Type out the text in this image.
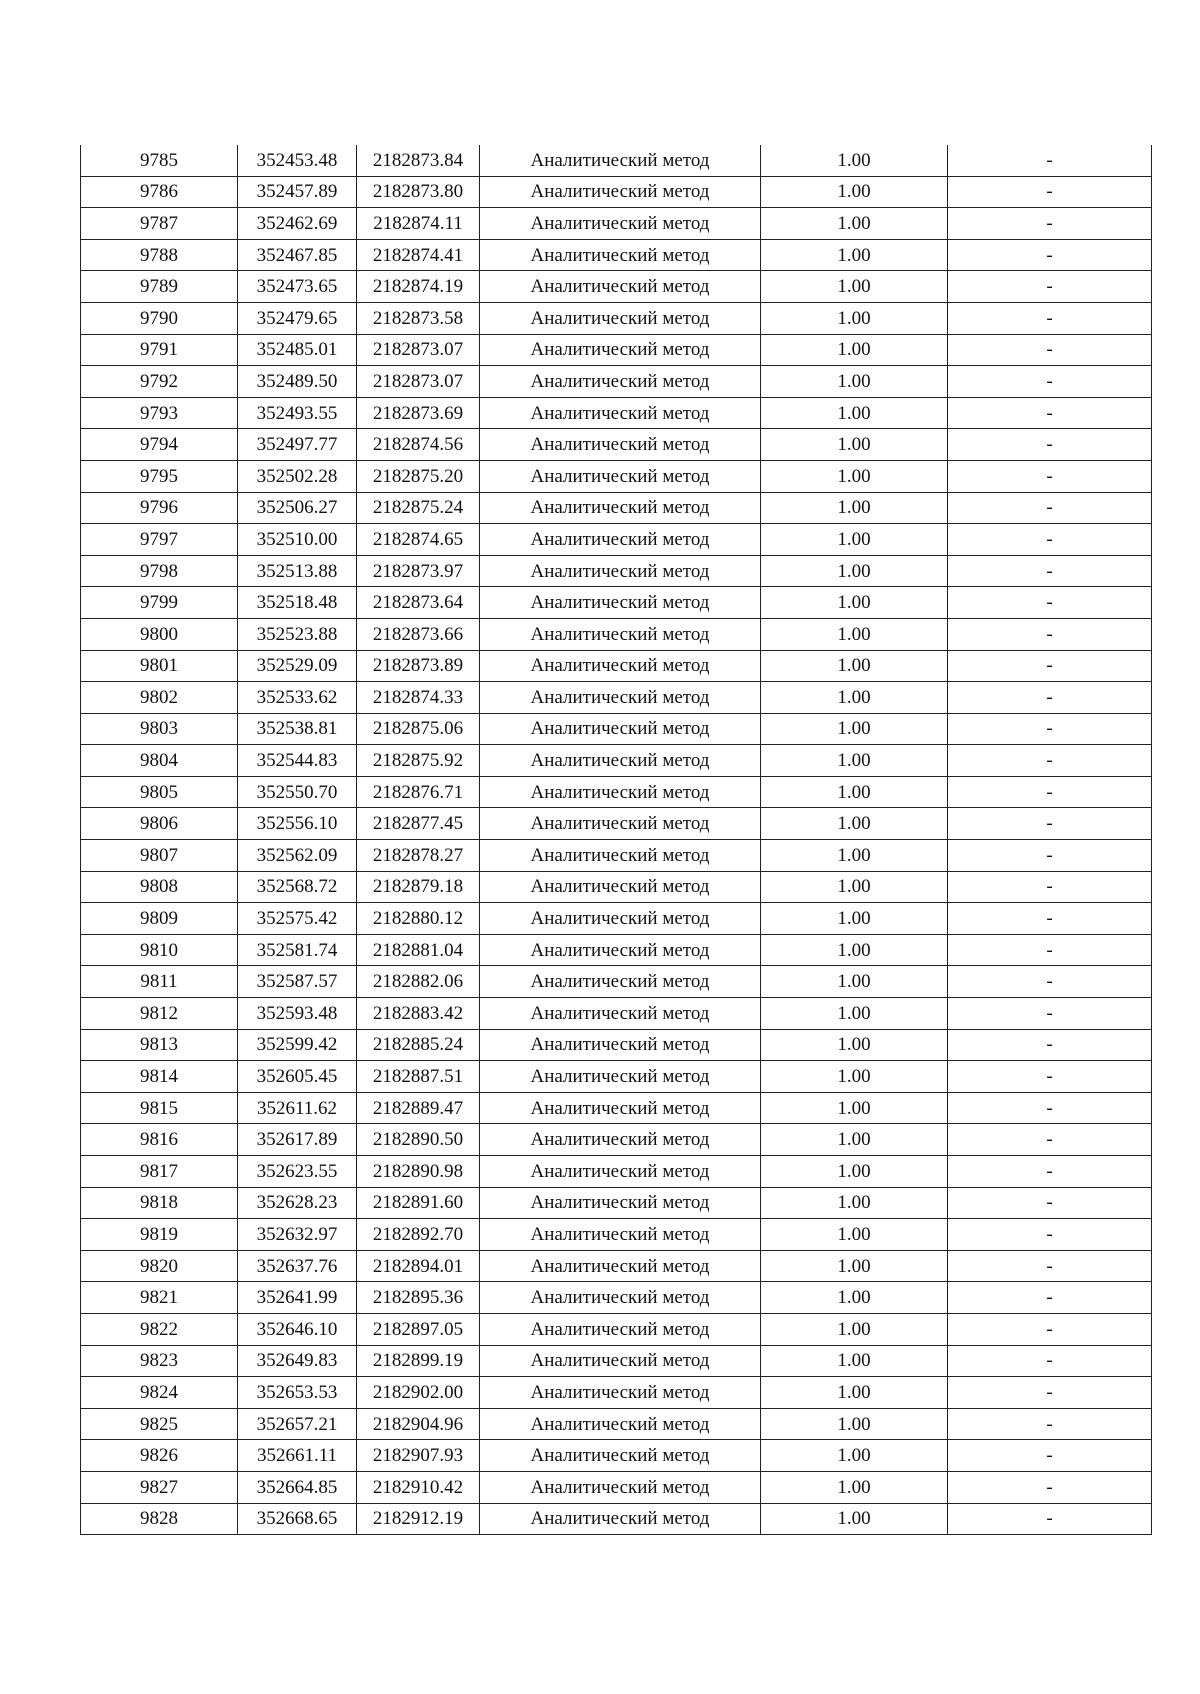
9785	352453.48	2182873.84	Аналитический метод	1.00	-
9786	352457.89	2182873.80	Аналитический метод	1.00	-
9787	352462.69	2182874.11	Аналитический метод	1.00	-
9788	352467.85	2182874.41	Аналитический метод	1.00	-
9789	352473.65	2182874.19	Аналитический метод	1.00	-
9790	352479.65	2182873.58	Аналитический метод	1.00	-
9791	352485.01	2182873.07	Аналитический метод	1.00	-
9792	352489.50	2182873.07	Аналитический метод	1.00	-
9793	352493.55	2182873.69	Аналитический метод	1.00	-
9794	352497.77	2182874.56	Аналитический метод	1.00	-
9795	352502.28	2182875.20	Аналитический метод	1.00	-
9796	352506.27	2182875.24	Аналитический метод	1.00	-
9797	352510.00	2182874.65	Аналитический метод	1.00	-
9798	352513.88	2182873.97	Аналитический метод	1.00	-
9799	352518.48	2182873.64	Аналитический метод	1.00	-
9800	352523.88	2182873.66	Аналитический метод	1.00	-
9801	352529.09	2182873.89	Аналитический метод	1.00	-
9802	352533.62	2182874.33	Аналитический метод	1.00	-
9803	352538.81	2182875.06	Аналитический метод	1.00	-
9804	352544.83	2182875.92	Аналитический метод	1.00	-
9805	352550.70	2182876.71	Аналитический метод	1.00	-
9806	352556.10	2182877.45	Аналитический метод	1.00	-
9807	352562.09	2182878.27	Аналитический метод	1.00	-
9808	352568.72	2182879.18	Аналитический метод	1.00	-
9809	352575.42	2182880.12	Аналитический метод	1.00	-
9810	352581.74	2182881.04	Аналитический метод	1.00	-
9811	352587.57	2182882.06	Аналитический метод	1.00	-
9812	352593.48	2182883.42	Аналитический метод	1.00	-
9813	352599.42	2182885.24	Аналитический метод	1.00	-
9814	352605.45	2182887.51	Аналитический метод	1.00	-
9815	352611.62	2182889.47	Аналитический метод	1.00	-
9816	352617.89	2182890.50	Аналитический метод	1.00	-
9817	352623.55	2182890.98	Аналитический метод	1.00	-
9818	352628.23	2182891.60	Аналитический метод	1.00	-
9819	352632.97	2182892.70	Аналитический метод	1.00	-
9820	352637.76	2182894.01	Аналитический метод	1.00	-
9821	352641.99	2182895.36	Аналитический метод	1.00	-
9822	352646.10	2182897.05	Аналитический метод	1.00	-
9823	352649.83	2182899.19	Аналитический метод	1.00	-
9824	352653.53	2182902.00	Аналитический метод	1.00	-
9825	352657.21	2182904.96	Аналитический метод	1.00	-
9826	352661.11	2182907.93	Аналитический метод	1.00	-
9827	352664.85	2182910.42	Аналитический метод	1.00	-
9828	352668.65	2182912.19	Аналитический метод	1.00	-
